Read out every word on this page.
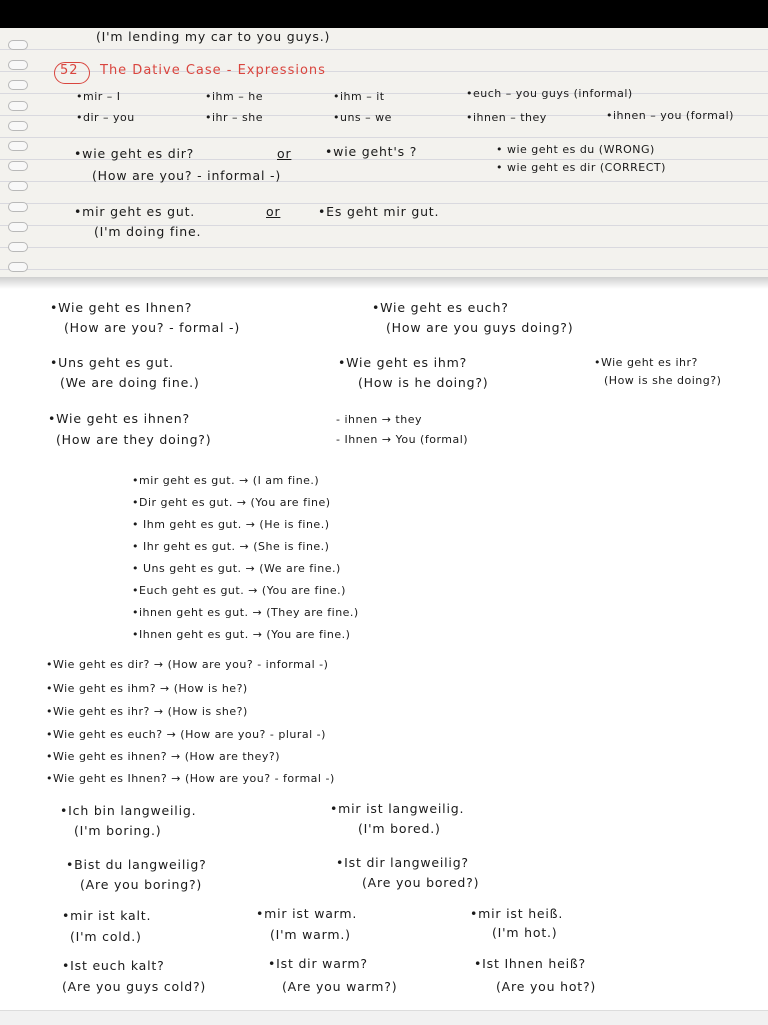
(I'm lending my car to you guys.)
52 The Dative Case - Expressions
•mir – I	•ihm – he	•ihm – it	•euch – you guys (informal)
•dir – you	•ihr – she	•uns – we	•ihnen – they	•ihnen – you (formal)
•wie geht es dir?	or	•wie geht's ?	• wie geht es du (WRONG)
• wie geht es dir (CORRECT)
(How are you? - informal -)
•mir geht es gut.	or	•Es geht mir gut.
(I'm doing fine.
•Wie geht es Ihnen?
(How are you? - formal -)
•Wie geht es euch?
(How are you guys doing?)
•Uns geht es gut.
(We are doing fine.)
•Wie geht es ihm?
(How is he doing?)
•Wie geht es ihr?
(How is she doing?)
•Wie geht es ihnen?
(How are they doing?)
- ihnen → they
- Ihnen → You (formal)
•mir geht es gut. → (I am fine.)
•Dir geht es gut. → (You are fine)
• Ihm geht es gut. → (He is fine.)
• Ihr geht es gut. → (She is fine.)
• Uns geht es gut. → (We are fine.)
•Euch geht es gut. → (You are fine.)
•ihnen geht es gut. → (They are fine.)
•Ihnen geht es gut. → (You are fine.)
•Wie geht es dir? → (How are you? - informal -)
•Wie geht es ihm? → (How is he?)
•Wie geht es ihr? → (How is she?)
•Wie geht es euch? → (How are you? - plural -)
•Wie geht es ihnen? → (How are they?)
•Wie geht es Ihnen? → (How are you? - formal -)
•Ich bin langweilig.
(I'm boring.)
•mir ist langweilig.
(I'm bored.)
•Bist du langweilig?
(Are you boring?)
•Ist dir langweilig?
(Are you bored?)
•mir ist kalt.
(I'm cold.)
•mir ist warm.
(I'm warm.)
•mir ist heiß.
(I'm hot.)
•Ist euch kalt?
(Are you guys cold?)
•Ist dir warm?
(Are you warm?)
•Ist Ihnen heiß?
(Are you hot?)
